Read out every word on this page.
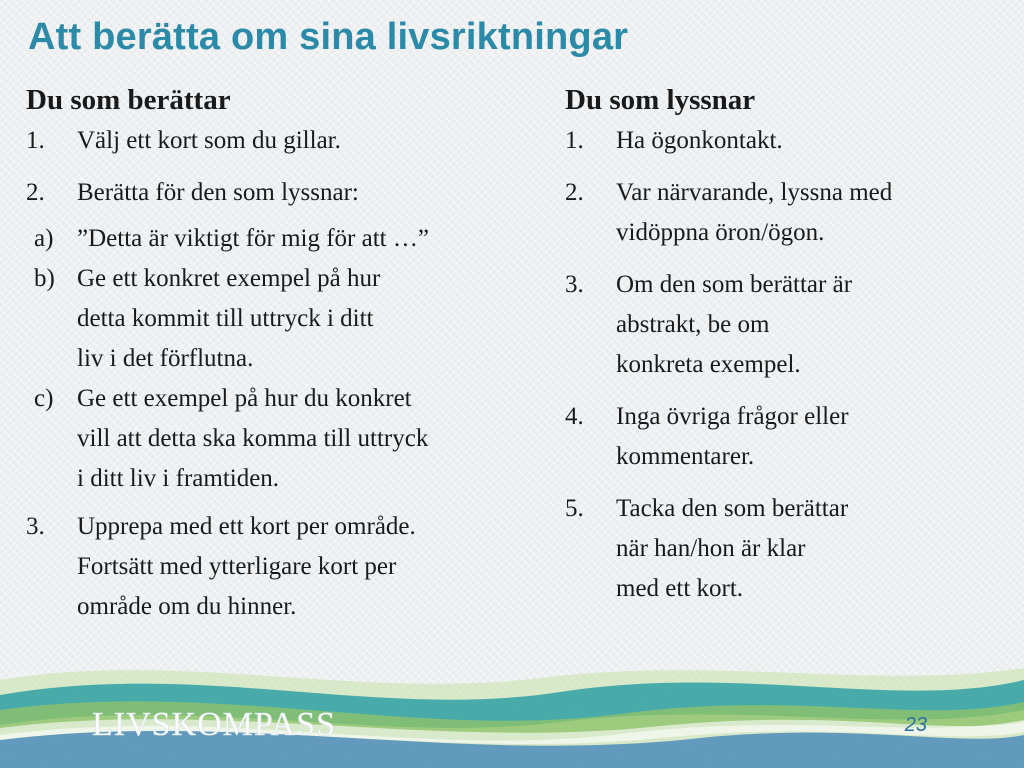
Att berätta om sina livsriktningar
Du som berättar
1.	Välj ett kort som du gillar.
2.	Berätta för den som lyssnar:
a) ”Detta är viktigt för mig för att …”
b) Ge ett konkret exempel på hur
detta kommit till uttryck i ditt
liv i det förflutna.
c) Ge ett exempel på hur du konkret
vill att detta ska komma till uttryck
i ditt liv i framtiden.
3.	Upprepa med ett kort per område.
Fortsätt med ytterligare kort per
område om du hinner.
Du som lyssnar
1.	Ha ögonkontakt.
2.	Var närvarande, lyssna med
vidöppna öron/ögon.
3.	Om den som berättar är
abstrakt, be om
konkreta exempel.
4.	Inga övriga frågor eller
kommentarer.
5.	Tacka den som berättar
när han/hon är klar
med ett kort.
LIVSKOMPASS	23
